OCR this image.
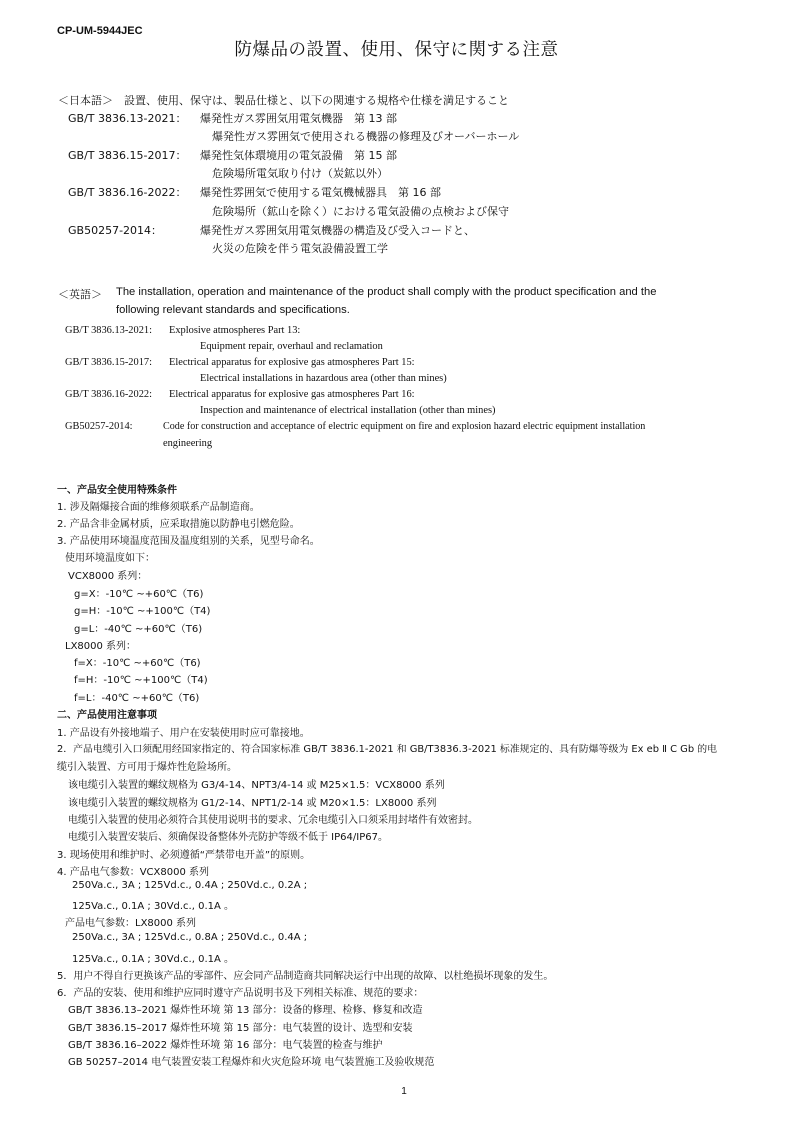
CP-UM-5944JEC
防爆品の設置、使用、保守に関する注意
＜日本語＞　設置、使用、保守は、製品仕様と、以下の関連する規格や仕様を満足すること
GB/T 3836.13-2021： 爆発性ガス雰囲気用電気機器　第 13 部
爆発性ガス雰囲気で使用される機器の修理及びオーバーホール
GB/T 3836.15-2017： 爆発性気体環境用の電気設備　第 15 部
危険場所電気取り付け（炭鉱以外）
GB/T 3836.16-2022： 爆発性雰囲気で使用する電気機械器具　第 16 部
危険場所（鉱山を除く）における電気設備の点検および保守
GB50257-2014：	爆発性ガス雰囲気用電気機器の構造及び受入コードと、
火災の危険を伴う電気設備設置工学
＜英語＞ The installation, operation and maintenance of the product shall comply with the product specification and the
following relevant standards and specifications.
GB/T 3836.13-2021: Explosive atmospheres Part 13:
Equipment repair, overhaul and reclamation
GB/T 3836.15-2017: Electrical apparatus for explosive gas atmospheres Part 15:
Electrical installations in hazardous area (other than mines)
GB/T 3836.16-2022: Electrical apparatus for explosive gas atmospheres Part 16:
Inspection and maintenance of electrical installation (other than mines)
GB50257-2014:	Code for construction and acceptance of electric equipment on fire and explosion hazard electric equipment installation
engineering
一、产品安全使用特殊条件
1. 涉及隔爆接合面的维修须联系产品制造商。
2. 产品含非金属材质，应采取措施以防静电引燃危险。
3. 产品使用环境温度范围及温度组别的关系，见型号命名。
使用环境温度如下：
VCX8000 系列：
g=X：-10℃ ~+60℃（T6)
g=H：-10℃ ~+100℃（T4)
g=L：-40℃ ~+60℃（T6)
LX8000 系列：
f=X：-10℃ ~+60℃（T6)
f=H：-10℃ ~+100℃（T4)
f=L：-40℃ ~+60℃（T6)
二、产品使用注意事项
1. 产品设有外接地端子、用户在安装使用时应可靠接地。
2．产品电缆引入口须配用经国家指定的、符合国家标准 GB/T 3836.1-2021 和 GB/T3836.3-2021 标准规定的、具有防爆等级为 Ex eb Ⅱ C Gb 的电
缆引入装置、方可用于爆炸性危险场所。
该电缆引入装置的螺纹规格为 G3/4-14、NPT3/4-14 或 M25×1.5：VCX8000 系列
该电缆引入装置的螺纹规格为 G1/2-14、NPT1/2-14 或 M20×1.5：LX8000 系列
电缆引入装置的使用必须符合其使用说明书的要求、冗余电缆引入口须采用封堵件有效密封。
电缆引入装置安装后、须确保设备整体外壳防护等级不低于 IP64/IP67。
3. 现场使用和维护时、必须遵循“严禁带电开盖”的原则。
4. 产品电气参数：VCX8000 系列
250Va.c., 3A ; 125Vd.c., 0.4A ; 250Vd.c., 0.2A ;
125Va.c., 0.1A ; 30Vd.c., 0.1A 。
产品电气参数：LX8000 系列
250Va.c., 3A ; 125Vd.c., 0.8A ; 250Vd.c., 0.4A ;
125Va.c., 0.1A ; 30Vd.c., 0.1A 。
5．用户不得自行更换该产品的零部件、应会同产品制造商共同解决运行中出现的故障、以杜绝损坏现象的发生。
6．产品的安装、使用和维护应同时遵守产品说明书及下列相关标准、规范的要求：
GB/T 3836.13–2021 爆炸性环境 第 13 部分：设备的修理、检修、修复和改造
GB/T 3836.15–2017 爆炸性环境 第 15 部分：电气装置的设计、选型和安装
GB/T 3836.16–2022 爆炸性环境 第 16 部分：电气装置的检查与维护
GB 50257–2014 电气装置安装工程爆炸和火灾危险环境 电气装置施工及验收规范
1
